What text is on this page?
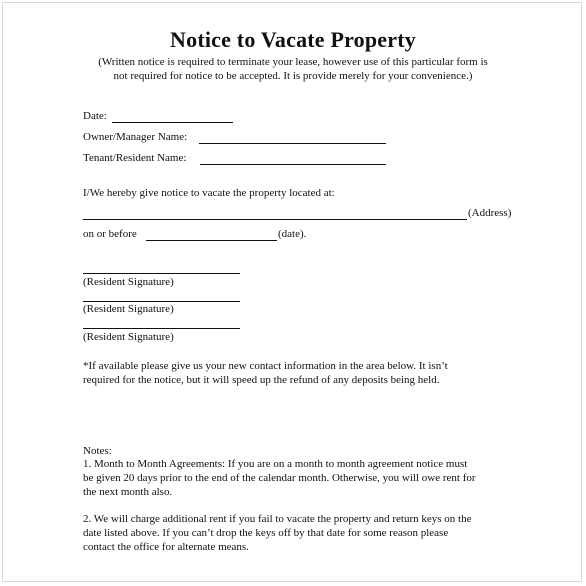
Notice to Vacate Property
(Written notice is required to terminate your lease, however use of this particular form is
not required for notice to be accepted. It is provide merely for your convenience.)
Date:
Owner/Manager Name:
Tenant/Resident Name:
I/We hereby give notice to vacate the property located at:
(Address)
on or before	(date).
(Resident Signature)
(Resident Signature)
(Resident Signature)
*If available please give us your new contact information in the area below. It isn’t
required for the notice, but it will speed up the refund of any deposits being held.
Notes:
1. Month to Month Agreements: If you are on a month to month agreement notice must
be given 20 days prior to the end of the calendar month. Otherwise, you will owe rent for
the next month also.
2. We will charge additional rent if you fail to vacate the property and return keys on the
date listed above. If you can’t drop the keys off by that date for some reason please
contact the office for alternate means.
